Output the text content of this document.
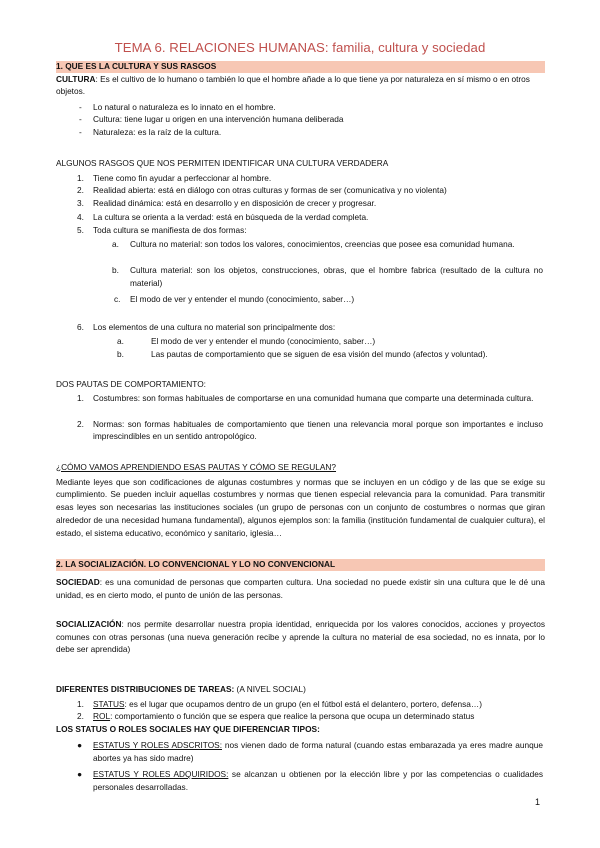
TEMA 6. RELACIONES HUMANAS: familia, cultura y sociedad
1. QUE ES LA CULTURA Y SUS RASGOS
CULTURA: Es el cultivo de lo humano o también lo que el hombre añade a lo que tiene ya por naturaleza en sí mismo o en otros objetos.
- Lo natural o naturaleza es lo innato en el hombre.
- Cultura: tiene lugar u origen en una intervención humana deliberada
- Naturaleza: es la raíz de la cultura.
ALGUNOS RASGOS QUE NOS PERMITEN IDENTIFICAR UNA CULTURA VERDADERA
1. Tiene como fin ayudar a perfeccionar al hombre.
2. Realidad abierta: está en diálogo con otras culturas y formas de ser (comunicativa y no violenta)
3. Realidad dinámica: está en desarrollo y en disposición de crecer y progresar.
4. La cultura se orienta a la verdad: está en búsqueda de la verdad completa.
5. Toda cultura se manifiesta de dos formas:
a. Cultura no material: son todos los valores, conocimientos, creencias que posee esa comunidad humana.
b. Cultura material: son los objetos, construcciones, obras, que el hombre fabrica (resultado de la cultura no material)
c. El modo de ver y entender el mundo (conocimiento, saber…)
6. Los elementos de una cultura no material son principalmente dos:
a.	El modo de ver y entender el mundo (conocimiento, saber…)
b.	Las pautas de comportamiento que se siguen de esa visión del mundo (afectos y voluntad).
DOS PAUTAS DE COMPORTAMIENTO:
1. Costumbres: son formas habituales de comportarse en una comunidad humana que comparte una determinada cultura.
2. Normas: son formas habituales de comportamiento que tienen una relevancia moral porque son importantes e incluso imprescindibles en un sentido antropológico.
¿CÓMO VAMOS APRENDIENDO ESAS PAUTAS Y CÓMO SE REGULAN?
Mediante leyes que son codificaciones de algunas costumbres y normas que se incluyen en un código y de las que se exige su cumplimiento. Se pueden incluir aquellas costumbres y normas que tienen especial relevancia para la comunidad. Para transmitir esas leyes son necesarias las instituciones sociales (un grupo de personas con un conjunto de costumbres o normas que giran alrededor de una necesidad humana fundamental), algunos ejemplos son: la familia (institución fundamental de cualquier cultura), el estado, el sistema educativo, económico y sanitario, iglesia…
2. LA SOCIALIZACIÓN. LO CONVENCIONAL Y LO NO CONVENCIONAL
SOCIEDAD: es una comunidad de personas que comparten cultura. Una sociedad no puede existir sin una cultura que le dé una unidad, es en cierto modo, el punto de unión de las personas.
SOCIALIZACIÓN: nos permite desarrollar nuestra propia identidad, enriquecida por los valores conocidos, acciones y proyectos comunes con otras personas (una nueva generación recibe y aprende la cultura no material de esa sociedad, no es innata, por lo debe ser aprendida)
DIFERENTES DISTRIBUCIONES DE TAREAS: (A NIVEL SOCIAL)
1. STATUS: es el lugar que ocupamos dentro de un grupo (en el fútbol está el delantero, portero, defensa…)
2. ROL: comportamiento o función que se espera que realice la persona que ocupa un determinado status
LOS STATUS O ROLES SOCIALES HAY QUE DIFERENCIAR TIPOS:
● ESTATUS Y ROLES ADSCRITOS: nos vienen dado de forma natural (cuando estas embarazada ya eres madre aunque abortes ya has sido madre)
● ESTATUS Y ROLES ADQUIRIDOS: se alcanzan u obtienen por la elección libre y por las competencias o cualidades personales desarrolladas.
1
